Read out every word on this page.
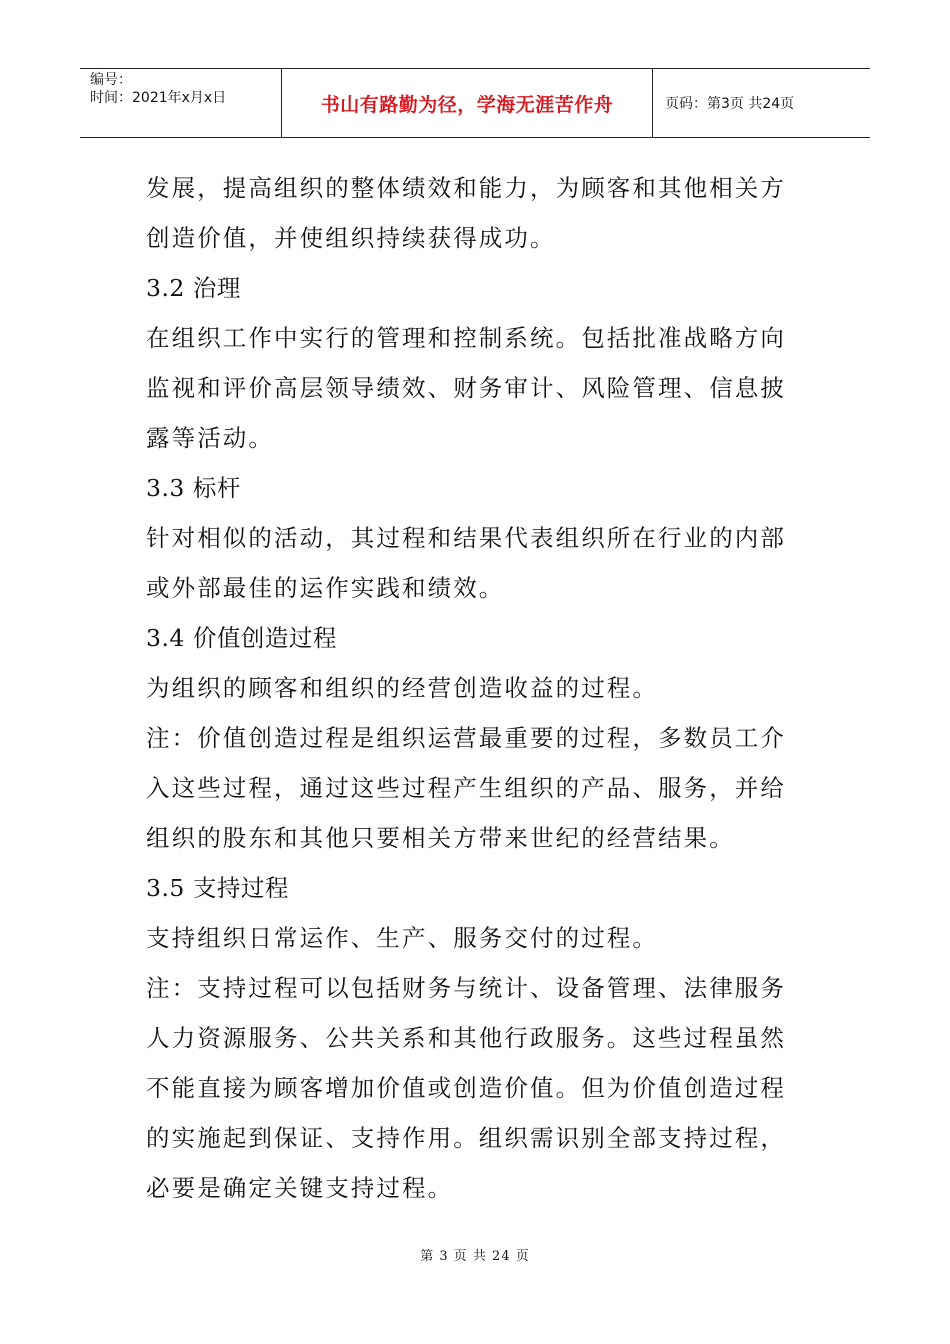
编号：
时间：2021年x月x日	书山有路勤为径，学海无涯苦作舟	页码：第3页 共24页
发展，提高组织的整体绩效和能力，为顾客和其他相关方
创造价值，并使组织持续获得成功。
3.2 治理
在组织工作中实行的管理和控制系统。包括批准战略方向
监视和评价高层领导绩效、财务审计、风险管理、信息披
露等活动。
3.3 标杆
针对相似的活动，其过程和结果代表组织所在行业的内部
或外部最佳的运作实践和绩效。
3.4 价值创造过程
为组织的顾客和组织的经营创造收益的过程。
注：价值创造过程是组织运营最重要的过程，多数员工介
入这些过程，通过这些过程产生组织的产品、服务，并给
组织的股东和其他只要相关方带来世纪的经营结果。
3.5 支持过程
支持组织日常运作、生产、服务交付的过程。
注：支持过程可以包括财务与统计、设备管理、法律服务
人力资源服务、公共关系和其他行政服务。这些过程虽然
不能直接为顾客增加价值或创造价值。但为价值创造过程
的实施起到保证、支持作用。组织需识别全部支持过程，
必要是确定关键支持过程。
第 3 页 共 24 页
